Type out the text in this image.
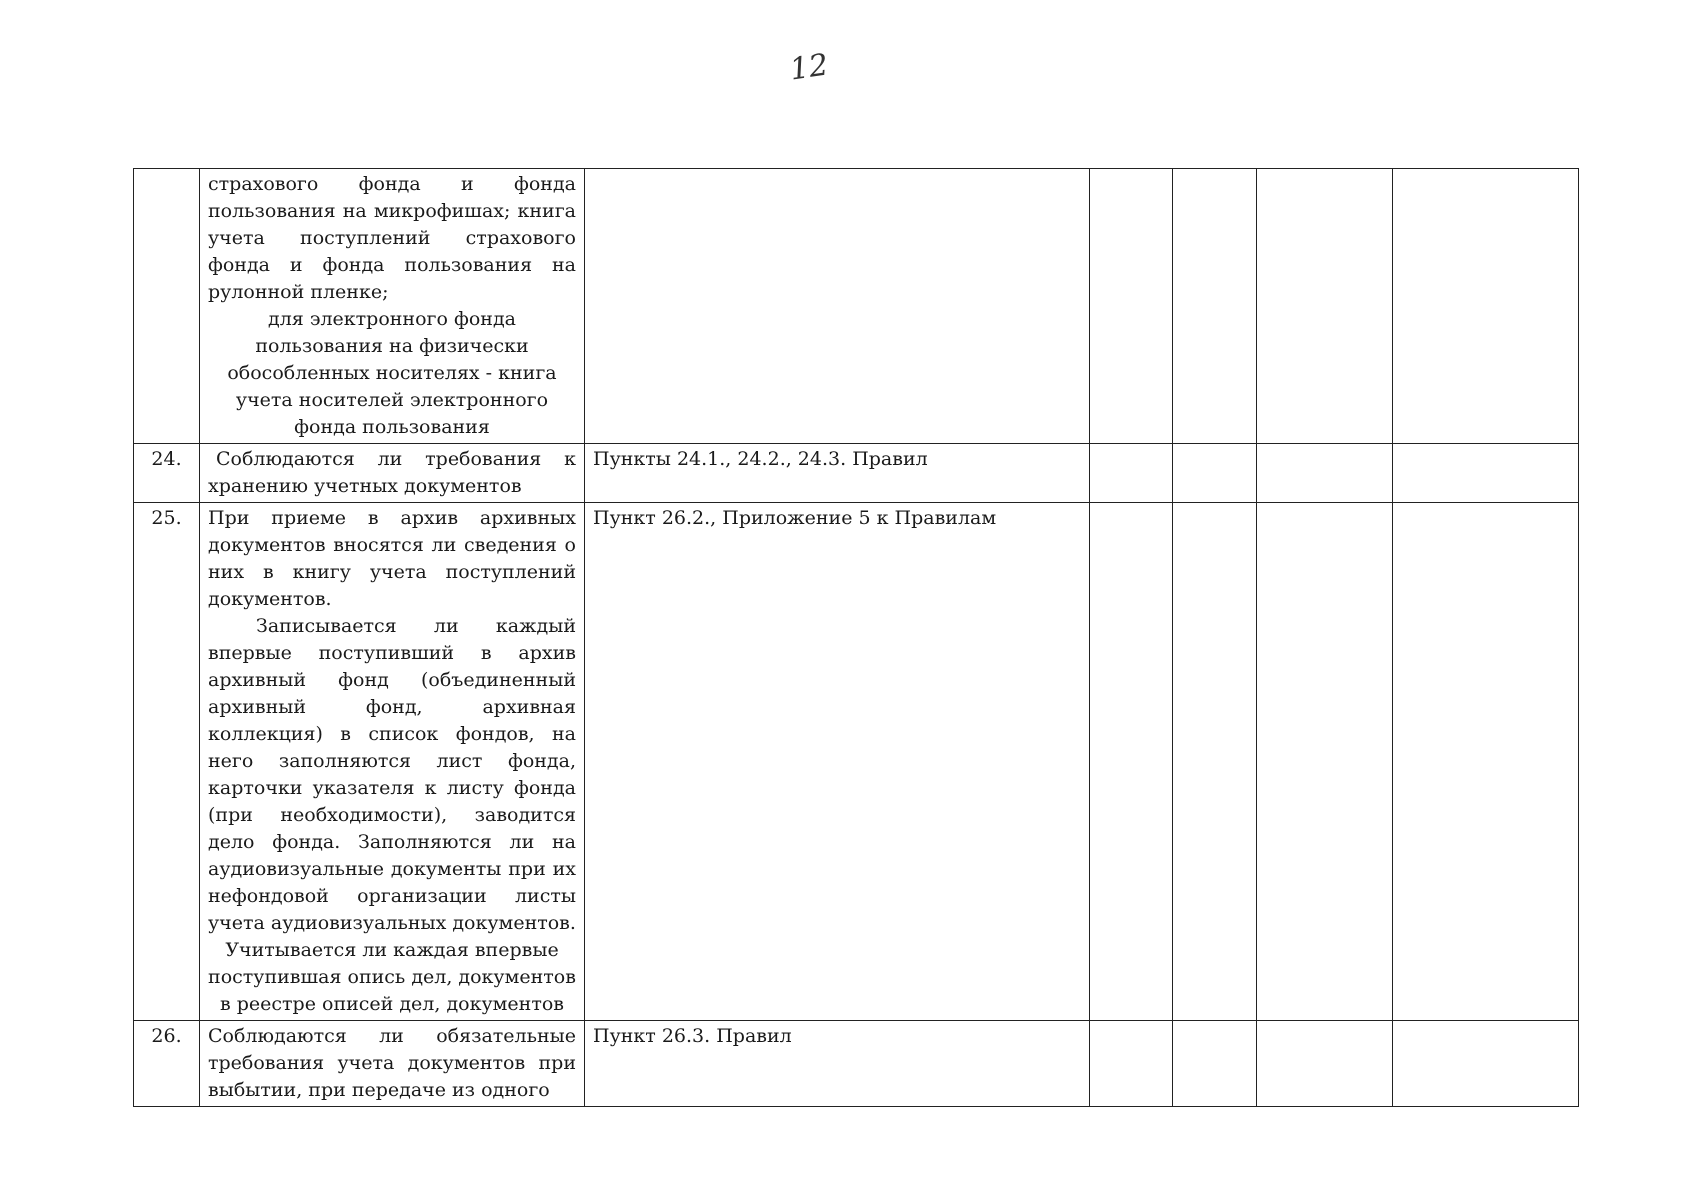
12

	страхового фонда и фонда пользования на микрофишах; книга учета поступлений страхового фонда и фонда пользования на рулонной пленке;

для электронного фонда пользования на физически обособленных носителях - книга учета носителей электронного фонда пользования					

24.	Соблюдаются ли требования к хранению учетных документов	Пункты 24.1., 24.2., 24.3. Правил				
25.	При приеме в архив архивных документов вносятся ли сведения о них в книгу учета поступлений документов.

Записывается ли каждый впервые поступивший в архив архивный фонд (объединенный архивный фонд, архивная коллекция) в список фондов, на него заполняются лист фонда, карточки указателя к листу фонда (при необходимости), заводится дело фонда. Заполняются ли на аудиовизуальные документы при их нефондовой организации листы учета аудиовизуальных документов.

Учитывается ли каждая впервые поступившая опись дел, документов в реестре описей дел, документов	Пункт 26.2., Приложение 5 к Правилам				
26.	Соблюдаются ли обязательные требования учета документов при выбытии, при передаче из одного	Пункт 26.3. Правил				
